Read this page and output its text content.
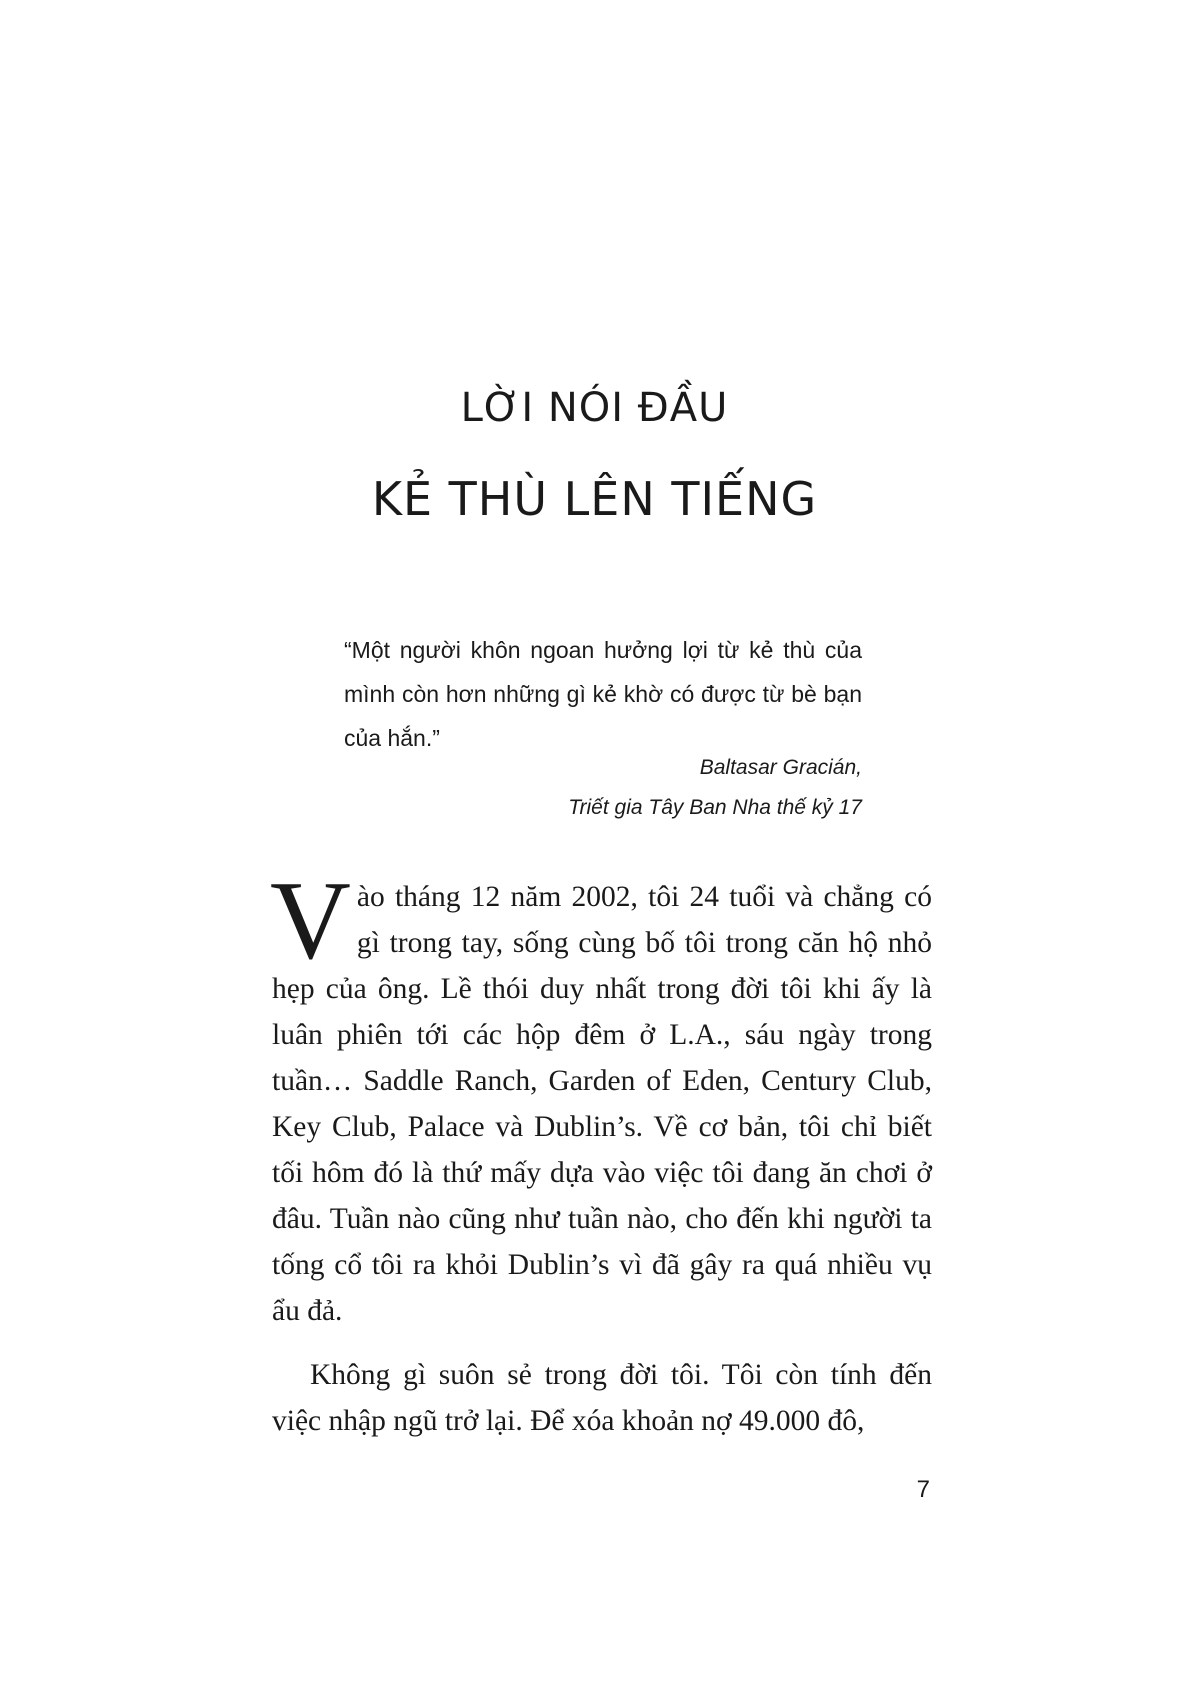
LỜI NÓI ĐẦU
KẺ THÙ LÊN TIẾNG

“Một người khôn ngoan hưởng lợi từ kẻ thù của mình còn hơn những gì kẻ khờ có được từ bè bạn của hắn.”

Baltasar Gracián,
Triết gia Tây Ban Nha thế kỷ 17

Vào tháng 12 năm 2002, tôi 24 tuổi và chẳng có gì trong tay, sống cùng bố tôi trong căn hộ nhỏ hẹp của ông. Lề thói duy nhất trong đời tôi khi ấy là luân phiên tới các hộp đêm ở L.A., sáu ngày trong tuần… Saddle Ranch, Garden of Eden, Century Club, Key Club, Palace và Dublin’s. Về cơ bản, tôi chỉ biết tối hôm đó là thứ mấy dựa vào việc tôi đang ăn chơi ở đâu. Tuần nào cũng như tuần nào, cho đến khi người ta tống cổ tôi ra khỏi Dublin’s vì đã gây ra quá nhiều vụ ẩu đả.

Không gì suôn sẻ trong đời tôi. Tôi còn tính đến việc nhập ngũ trở lại. Để xóa khoản nợ 49.000 đô,

7
